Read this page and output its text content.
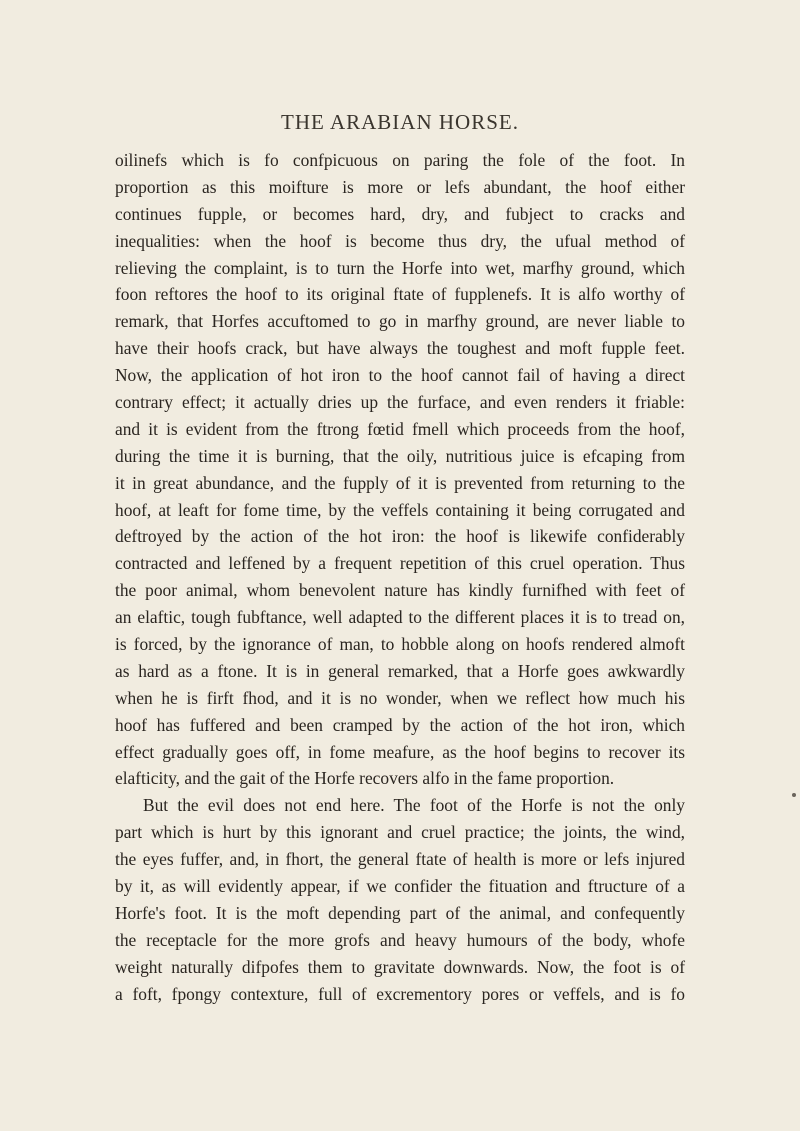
THE ARABIAN HORSE.
oilinefs which is fo confpicuous on paring the fole of the foot. In
proportion as this moifture is more or lefs abundant, the hoof either
continues fupple, or becomes hard, dry, and fubject to cracks and
inequalities: when the hoof is become thus dry, the ufual method of
relieving the complaint, is to turn the Horfe into wet, marfhy ground, which
foon reftores the hoof to its original ftate of fupplenefs. It is alfo worthy of
remark, that Horfes accuftomed to go in marfhy ground, are never liable to
have their hoofs crack, but have always the toughest and moft fupple feet.
Now, the application of hot iron to the hoof cannot fail of having a direct
contrary effect; it actually dries up the furface, and even renders it friable:
and it is evident from the ftrong fœtid fmell which proceeds from the hoof,
during the time it is burning, that the oily, nutritious juice is efcaping from
it in great abundance, and the fupply of it is prevented from returning to the
hoof, at leaft for fome time, by the veffels containing it being corrugated and
deftroyed by the action of the hot iron: the hoof is likewife confiderably
contracted and leffened by a frequent repetition of this cruel operation. Thus
the poor animal, whom benevolent nature has kindly furnifhed with feet of
an elaftic, tough fubftance, well adapted to the different places it is to tread on,
is forced, by the ignorance of man, to hobble along on hoofs rendered almoft
as hard as a ftone. It is in general remarked, that a Horfe goes awkwardly
when he is firft fhod, and it is no wonder, when we reflect how much his
hoof has fuffered and been cramped by the action of the hot iron, which
effect gradually goes off, in fome meafure, as the hoof begins to recover its
elafticity, and the gait of the Horfe recovers alfo in the fame proportion.
But the evil does not end here. The foot of the Horfe is not the only
part which is hurt by this ignorant and cruel practice; the joints, the wind,
the eyes fuffer, and, in fhort, the general ftate of health is more or lefs injured
by it, as will evidently appear, if we confider the fituation and ftructure of a
Horfe's foot. It is the moft depending part of the animal, and confequently
the receptacle for the more grofs and heavy humours of the body, whofe
weight naturally difpofes them to gravitate downwards. Now, the foot is of
a foft, fpongy contexture, full of excrementory pores or veffels, and is fo
